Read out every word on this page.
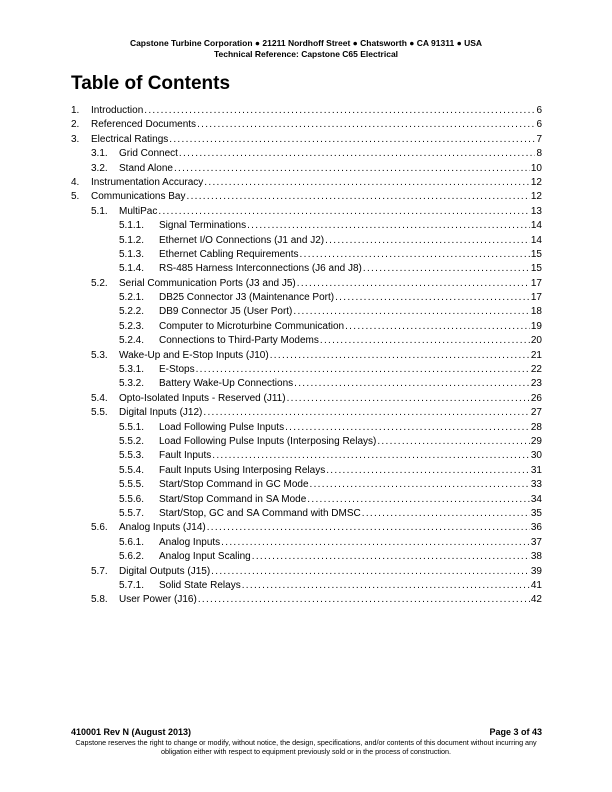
Capstone Turbine Corporation ● 21211 Nordhoff Street ● Chatsworth ● CA 91311 ● USA
Technical Reference: Capstone C65 Electrical
Table of Contents
1. Introduction .....	6
2. Referenced Documents .....	6
3. Electrical Ratings .....	7
3.1. Grid Connect .....	8
3.2. Stand Alone .....	10
4. Instrumentation Accuracy .....	12
5. Communications Bay .....	12
5.1. MultiPac .....	13
5.1.1. Signal Terminations .....	14
5.1.2. Ethernet I/O Connections (J1 and J2) .....	14
5.1.3. Ethernet Cabling Requirements .....	15
5.1.4. RS-485 Harness Interconnections (J6 and J8) .....	15
5.2. Serial Communication Ports (J3 and J5) .....	17
5.2.1. DB25 Connector J3 (Maintenance Port) .....	17
5.2.2. DB9 Connector J5 (User Port) .....	18
5.2.3. Computer to Microturbine Communication .....	19
5.2.4. Connections to Third-Party Modems .....	20
5.3. Wake-Up and E-Stop Inputs (J10) .....	21
5.3.1. E-Stops .....	22
5.3.2. Battery Wake-Up Connections .....	23
5.4. Opto-Isolated Inputs - Reserved (J11) .....	26
5.5. Digital Inputs (J12) .....	27
5.5.1. Load Following Pulse Inputs .....	28
5.5.2. Load Following Pulse Inputs (Interposing Relays) .....	29
5.5.3. Fault Inputs .....	30
5.5.4. Fault Inputs Using Interposing Relays .....	31
5.5.5. Start/Stop Command in GC Mode .....	33
5.5.6. Start/Stop Command in SA Mode .....	34
5.5.7. Start/Stop, GC and SA Command with DMSC .....	35
5.6. Analog Inputs (J14) .....	36
5.6.1. Analog Inputs .....	37
5.6.2. Analog Input Scaling .....	38
5.7. Digital Outputs (J15) .....	39
5.7.1. Solid State Relays .....	41
5.8. User Power (J16) .....	42
410001 Rev N (August 2013)	Page 3 of 43
Capstone reserves the right to change or modify, without notice, the design, specifications, and/or contents of this document without incurring any obligation either with respect to equipment previously sold or in the process of construction.
